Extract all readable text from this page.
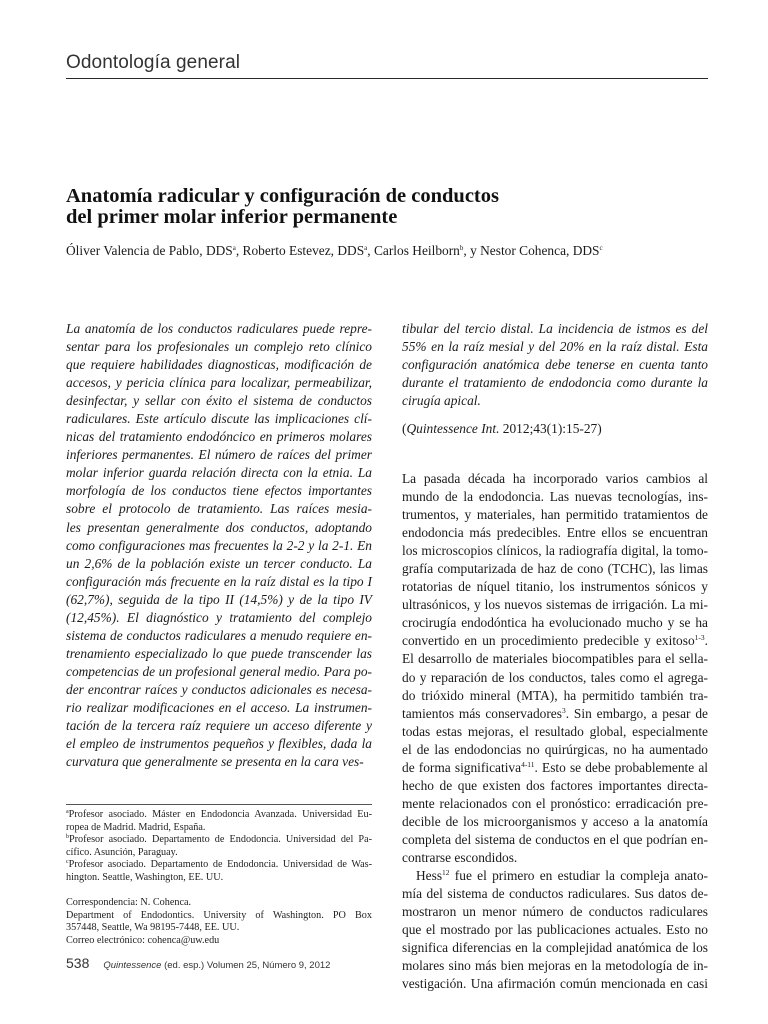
Odontología general
Anatomía radicular y configuración de conductos
del primer molar inferior permanente
Óliver Valencia de Pablo, DDS$^a$, Roberto Estevez, DDS$^a$, Carlos Heilborn$^b$, y Nestor Cohenca, DDS$^c$
La anatomía de los conductos radiculares puede repre-
sentar para los profesionales un complejo reto clínico
que requiere habilidades diagnosticas, modificación de
accesos, y pericia clínica para localizar, permeabilizar,
desinfectar, y sellar con éxito el sistema de conductos
radiculares. Este artículo discute las implicaciones clí-
nicas del tratamiento endodóncico en primeros molares
inferiores permanentes. El número de raíces del primer
molar inferior guarda relación directa con la etnia. La
morfología de los conductos tiene efectos importantes
sobre el protocolo de tratamiento. Las raíces mesia-
les presentan generalmente dos conductos, adoptando
como configuraciones mas frecuentes la 2-2 y la 2-1. En
un 2,6% de la población existe un tercer conducto. La
configuración más frecuente en la raíz distal es la tipo I
(62,7%), seguida de la tipo II (14,5%) y de la tipo IV
(12,45%). El diagnóstico y tratamiento del complejo
sistema de conductos radiculares a menudo requiere en-
trenamiento especializado lo que puede transcender las
competencias de un profesional general medio. Para po-
der encontrar raíces y conductos adicionales es necesa-
rio realizar modificaciones en el acceso. La instrumen-
tación de la tercera raíz requiere un acceso diferente y
el empleo de instrumentos pequeños y flexibles, dada la
curvatura que generalmente se presenta en la cara ves-
tibular del tercio distal. La incidencia de istmos es del
55% en la raíz mesial y del 20% en la raíz distal. Esta
configuración anatómica debe tenerse en cuenta tanto
durante el tratamiento de endodoncia como durante la
cirugía apical.
(Quintessence Int. 2012;43(1):15-27)
La pasada década ha incorporado varios cambios al
mundo de la endodoncia. Las nuevas tecnologías, ins-
trumentos, y materiales, han permitido tratamientos de
endodoncia más predecibles. Entre ellos se encuentran
los microscopios clínicos, la radiografía digital, la tomo-
grafía computarizada de haz de cono (TCHC), las limas
rotatorias de níquel titanio, los instrumentos sónicos y
ultrasónicos, y los nuevos sistemas de irrigación. La mi-
crocirugía endodóntica ha evolucionado mucho y se ha
convertido en un procedimiento predecible y exitoso$^{1-3}$.
El desarrollo de materiales biocompatibles para el sella-
do y reparación de los conductos, tales como el agrega-
do trióxido mineral (MTA), ha permitido también tra-
tamientos más conservadores$^3$. Sin embargo, a pesar de
todas estas mejoras, el resultado global, especialmente
el de las endodoncias no quirúrgicas, no ha aumentado
de forma significativa$^{4-11}$. Esto se debe probablemente al
hecho de que existen dos factores importantes directa-
mente relacionados con el pronóstico: erradicación pre-
decible de los microorganismos y acceso a la anatomía
completa del sistema de conductos en el que podrían en-
contrarse escondidos.
Hess$^{12}$ fue el primero en estudiar la compleja anato-
mía del sistema de conductos radiculares. Sus datos de-
mostraron un menor número de conductos radiculares
que el mostrado por las publicaciones actuales. Esto no
significa diferencias en la complejidad anatómica de los
molares sino más bien mejoras en la metodología de in-
vestigación. Una afirmación común mencionada en casi
$^a$Profesor asociado. Máster en Endodoncia Avanzada. Universidad Eu-
ropea de Madrid. Madrid, España.
$^b$Profesor asociado. Departamento de Endodoncia. Universidad del Pa-
cífico. Asunción, Paraguay.
$^c$Profesor asociado. Departamento de Endodoncia. Universidad de Was-
hington. Seattle, Washington, EE. UU.
Correspondencia: N. Cohenca.
Department of Endodontics. University of Washington. PO Box
357448, Seattle, Wa 98195-7448, EE. UU.
Correo electrónico: cohenca@uw.edu
538 Quintessence (ed. esp.) Volumen 25, Número 9, 2012
